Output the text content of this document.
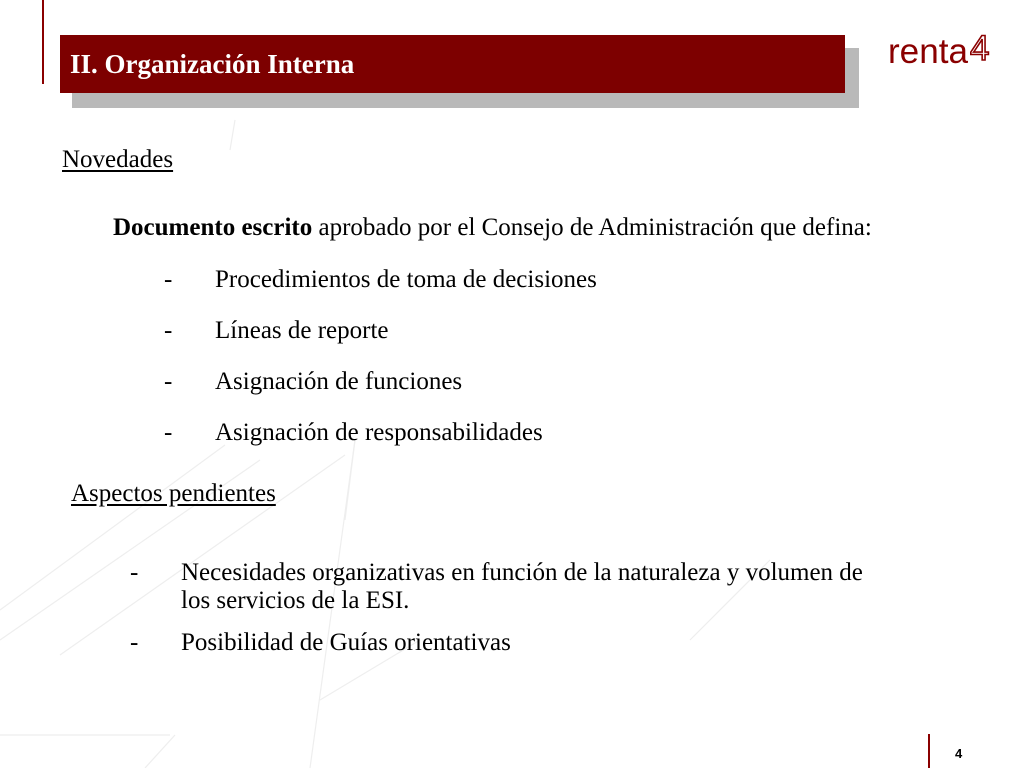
II. Organización Interna	renta 4
Novedades
Documento escrito aprobado por el Consejo de Administración que defina:
- Procedimientos de toma de decisiones
- Líneas de reporte
- Asignación de funciones
- Asignación de responsabilidades
Aspectos pendientes
- Necesidades organizativas en función de la naturaleza y volumen de
los servicios de la ESI.
- Posibilidad de Guías orientativas
4
